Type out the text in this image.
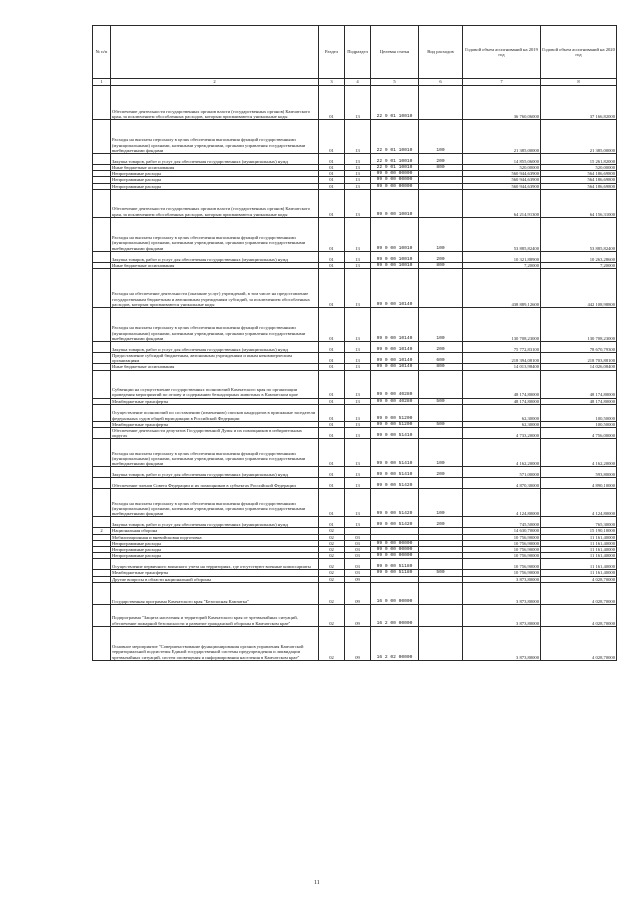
№ п/п		Раздел	Подраздел	Целевая статья	Вид расходов	Годовой объем ассигнований на 2019 год	Годовой объем ассигнований на 2020 год
1	2	3	4	5	6	7	8
	Обеспечение деятельности государственных органов власти (государственных органов) Камчатского края, за исключением обособленных расходов, которым присваиваются уникальные коды	01	13	22 9 01 10010		36 760,06000	37 166,82000
	Расходы на выплаты персоналу в целях обеспечения выполнения функций государственными (муниципальными) органами, казенными учреждениями, органами управления государственными внебюджетными фондами	01	13	22 9 01 10010	100	21 385,00000	21 385,00000
	Закупка товаров, работ и услуг для обеспечения государственных (муниципальных) нужд	01	13	22 9 01 10010	200	14 855,06000	15 261,82000
	Иные бюджетные ассигнования	01	13	22 9 01 10010	800	520,00000	520,00000
	Непрограммные расходы	01	13	99 0 00 00000		560 944,63900	564 186,69800
	Непрограммные расходы	01	13	99 0 00 00000		560 944,63900	564 186,69800
	Непрограммные расходы	01	13	99 0 00 00000		560 944,63900	564 186,69800
	Обеспечение деятельности государственных органов власти (государственных органов) Камчатского края, за исключением обособленных расходов, которым присваиваются уникальные коды	01	13	99 0 00 10010		64 214,91300	64 156,31000
	Расходы на выплаты персоналу в целях обеспечения выполнения функций государственными (муниципальными) органами, казенными учреждениями, органами управления государственными внебюджетными фондами	01	13	99 0 00 10010	100	53 885,82400	53 885,82400
	Закупка товаров, работ и услуг для обеспечения государственных (муниципальных) нужд	01	13	99 0 00 10010	200	10 321,88900	10 263,28600
	Иные бюджетные ассигнования	01	13	99 0 00 10010	800	7,20000	7,20000
	Расходы на обеспечение деятельности (оказание услуг) учреждений, в том числе на предоставление государственным бюджетным и автономным учреждениям субсидий, за исключением обособленных расходов, которым присваиваются уникальные коды	01	13	99 0 00 10140		438 889,12600	442 108,98800
	Расходы на выплаты персоналу в целях обеспечения выполнения функций государственными (муниципальными) органами, казенными учреждениями, органами управления государственными внебюджетными фондами	01	13	99 0 00 10140	100	130 708,23000	130 708,23000
	Закупка товаров, работ и услуг для обеспечения государственных (муниципальных) нужд	01	13	99 0 00 10140	200	75 772,83100	78 670,79300
	Предоставление субсидий бюджетным, автономным учреждениям и иным некоммерческим организациям	01	13	99 0 00 10140	600	218 394,08100	218 703,88100
	Иные бюджетные ассигнования	01	13	99 0 00 10140	800	14 013,98400	14 026,08400
	Субвенции на осуществление государственных полномочий Камчатского края по организации проведения мероприятий по отлову и содержанию безнадзорных животных в Камчатском крае	01	13	99 0 00 40280		48 174,80000	48 174,80000
	Межбюджетные трансферты	01	13	99 0 00 40280	500	48 174,80000	48 174,80000
	Осуществление полномочий по составлению (изменению) списков кандидатов в присяжные заседатели федеральных судов общей юрисдикции в Российской Федерации	01	13	99 0 00 51200		62,30000	100,50000
	Межбюджетные трансферты	01	13	99 0 00 51200	500	62,30000	100,50000
	Обеспечение деятельности депутатов Государственной Думы и их помощников в избирательных округах	01	13	99 0 00 51410		4 733,20000	4 756,00000
	Расходы на выплаты персоналу в целях обеспечения выполнения функций государственными (муниципальными) органами, казенными учреждениями, органами управления государственными внебюджетными фондами	01	13	99 0 00 51410	100	4 162,20000	4 162,20000
	Закупка товаров, работ и услуг для обеспечения государственных (муниципальных) нужд	01	13	99 0 00 51410	200	571,00000	593,80000
	Обеспечение членов Совета Федерации и их помощников в субъектах Российской Федерации	01	13	99 0 00 51420		4 870,30000	4 890,10000
	Расходы на выплаты персоналу в целях обеспечения выполнения функций государственными (муниципальными) органами, казенными учреждениями, органами управления государственными внебюджетными фондами	01	13	99 0 00 51420	100	4 124,80000	4 124,80000
	Закупка товаров, работ и услуг для обеспечения государственных (муниципальных) нужд	01	13	99 0 00 51420	200	745,50000	765,30000
2	Национальная оборона	02				14 630,70000	15 190,10000
	Мобилизационная и вневойсковая подготовка	02	03			10 756,90000	11 161,40000
	Непрограммные расходы	02	03	99 0 00 00000		10 756,90000	11 161,40000
	Непрограммные расходы	02	03	99 0 00 00000		10 756,90000	11 161,40000
	Непрограммные расходы	02	03	99 0 00 00000		10 756,90000	11 161,40000
	Осуществление первичного воинского учета на территориях, где отсутствуют военные комиссариаты	02	03	99 0 00 51180		10 756,90000	11 161,40000
	Межбюджетные трансферты	02	03	99 0 00 51180	500	10 756,90000	11 161,40000
	Другие вопросы в области национальной обороны	02	09			3 873,80000	4 028,70000
	Государственная программа Камчатского края "Безопасная Камчатка"	02	09	16 0 00 00000		3 873,80000	4 028,70000
	Подпрограмма "Защита населения и территорий Камчатского края от чрезвычайных ситуаций, обеспечение пожарной безопасности и развитие гражданской обороны в Камчатском крае"	02	09	16 2 00 00000		3 873,80000	4 028,70000
	Основное мероприятие "Совершенствование функционирования органов управления Камчатской территориальной подсистемы Единой государственной системы предупреждения и ликвидации чрезвычайных ситуаций, систем оповещения и информирования населения в Камчатском крае"	02	09	16 2 02 00000		3 873,80000	4 028,70000
11
